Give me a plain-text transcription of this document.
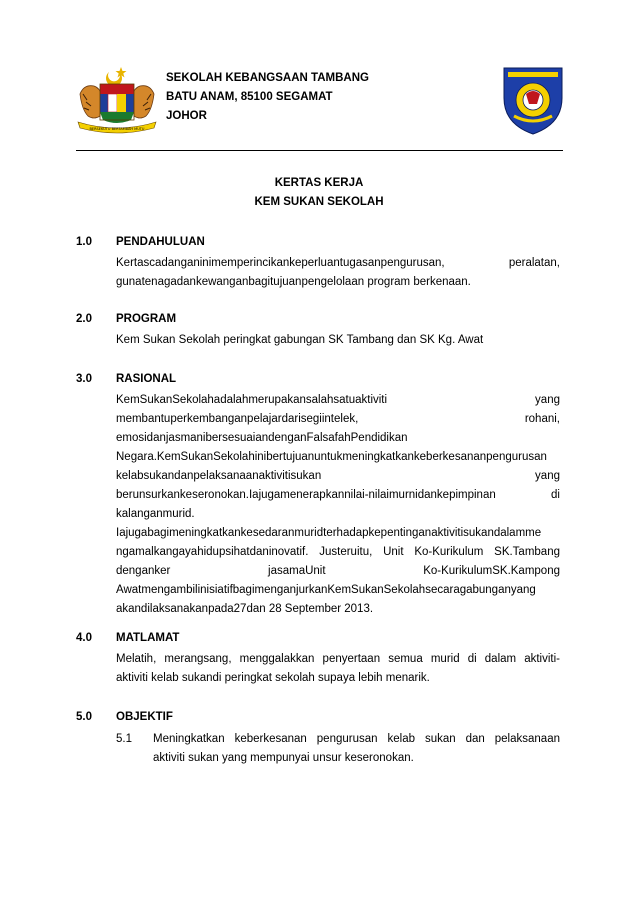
BERSEKUTU BERTAMBAH MUTU
SEKOLAH KEBANGSAAN TAMBANG
BATU ANAM, 85100 SEGAMAT
JOHOR
KERTAS KERJA
KEM SUKAN SEKOLAH
1.0 PENDAHULUAN
Kertascadanganinimemperincikankeperluantugasanpengurusan, peralatan,
gunatenagadankewanganbagitujuanpengelolaan program berkenaan.
2.0 PROGRAM
Kem Sukan Sekolah peringkat gabungan SK Tambang dan SK Kg. Awat
3.0 RASIONAL
KemSukanSekolahadalahmerupakansalahsatuaktiviti yang
membantuperkembanganpelajardarisegiintelek, rohani,
emosidanjasmanibersesuaiandenganFalsafahPendidikan
Negara.KemSukanSekolahinibertujuanuntukmeningkatkankeberkesananpengurusan
kelabsukandanpelaksanaanaktivitisukan yang
berunsurkankeseronokan.Iajugamenerapkannilai-nilaimurnidankepimpinan di
kalanganmurid.
Iajugabagimeningkatkankesedaranmuridterhadapkepentinganaktivitisukandalamme
ngamalkangayahidupsihatdaninovatif. Justeruitu, Unit Ko-Kurikulum SK.Tambang
denganker jasamaUnit Ko-KurikulumSK.Kampong
AwatmengambilinisiatifbagimenganjurkanKemSukanSekolahsecaragabunganyang
akandilaksanakanpada27dan 28 September 2013.
4.0 MATLAMAT
Melatih, merangsang, menggalakkan penyertaan semua murid di dalam aktiviti-
aktiviti kelab sukandi peringkat sekolah supaya lebih menarik.
5.0 OBJEKTIF
5.1 Meningkatkan keberkesanan pengurusan kelab sukan dan pelaksanaan
aktiviti sukan yang mempunyai unsur keseronokan.
